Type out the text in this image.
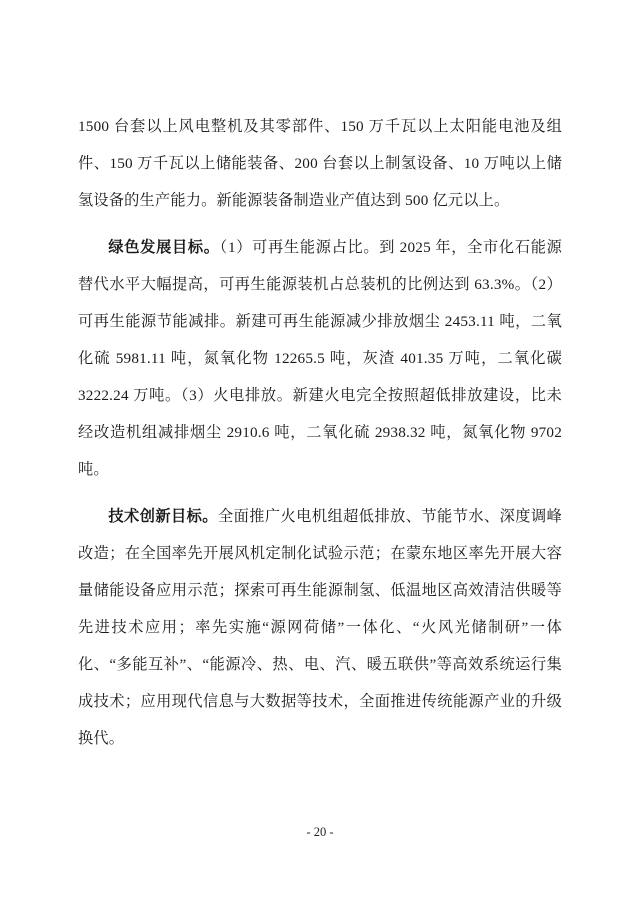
1500 台套以上风电整机及其零部件、150 万千瓦以上太阳能电池及组件、150 万千瓦以上储能装备、200 台套以上制氢设备、10 万吨以上储氢设备的生产能力。新能源装备制造业产值达到 500 亿元以上。

绿色发展目标。（1）可再生能源占比。到 2025 年，全市化石能源替代水平大幅提高，可再生能源装机占总装机的比例达到 63.3%。（2）可再生能源节能减排。新建可再生能源减少排放烟尘 2453.11 吨，二氧化硫 5981.11 吨，氮氧化物 12265.5 吨，灰渣 401.35 万吨，二氧化碳 3222.24 万吨。（3）火电排放。新建火电完全按照超低排放建设，比未经改造机组减排烟尘 2910.6 吨，二氧化硫 2938.32 吨，氮氧化物 9702 吨。

技术创新目标。全面推广火电机组超低排放、节能节水、深度调峰改造；在全国率先开展风机定制化试验示范；在蒙东地区率先开展大容量储能设备应用示范；探索可再生能源制氢、低温地区高效清洁供暖等先进技术应用；率先实施“源网荷储”一体化、“火风光储制研”一体化、“多能互补”、“能源冷、热、电、汽、暖五联供”等高效系统运行集成技术；应用现代信息与大数据等技术，全面推进传统能源产业的升级换代。

- 20 -
